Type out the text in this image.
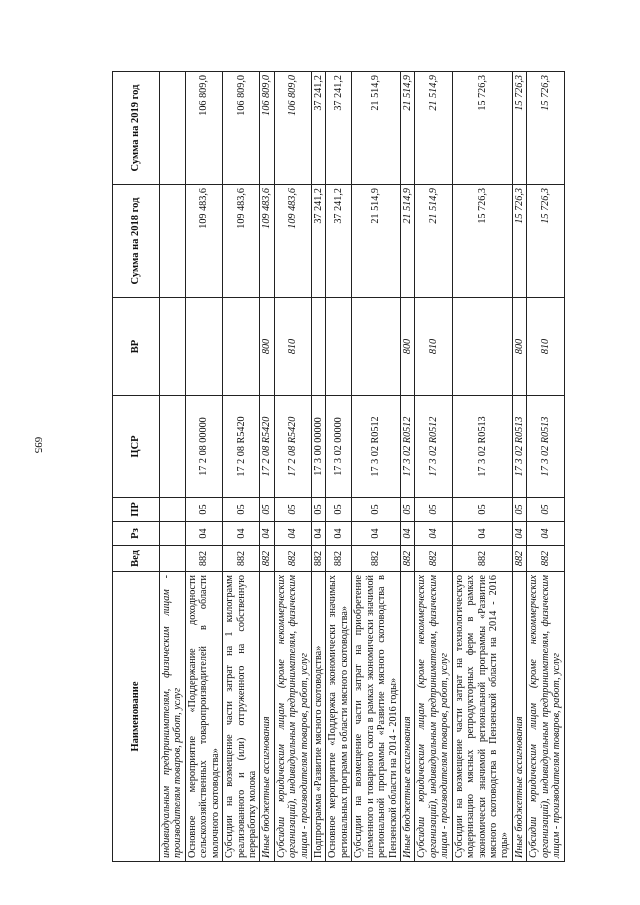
695
Наименование	Вед	Рз	ПР	ЦСР	ВР	Сумма на 2018 год	Сумма на 2019 год
индивидуальным предпринимателям, физическим лицам - производителям товаров, работ, услуг							
Основное мероприятие «Поддержание доходности сельскохозяйственных товаропроизводителей в области молочного скотоводства»	882	04	05	17 2 08 00000		109 483,6	106 809,0
Субсидии на возмещение части затрат на 1 килограмм реализованного и (или) отгруженного на собственную переработку молока	882	04	05	17 2 08 R5420		109 483,6	106 809,0
Иные бюджетные ассигнования	882	04	05	17 2 08 R5420	800	109 483,6	106 809,0
Субсидии юридическим лицам (кроме некоммерческих организаций), индивидуальным предпринимателям, физическим лицам - производителям товаров, работ, услуг	882	04	05	17 2 08 R5420	810	109 483,6	106 809,0
Подпрограмма «Развитие мясного скотоводства»	882	04	05	17 3 00 00000		37 241,2	37 241,2
Основное мероприятие «Поддержка экономически значимых региональных программ в области мясного скотоводства»	882	04	05	17 3 02 00000		37 241,2	37 241,2
Субсидии на возмещение части затрат на приобретение племенного и товарного скота в рамках экономически значимой региональной программы «Развитие мясного скотоводства в Пензенской области на 2014 - 2016 годы»	882	04	05	17 3 02 R0512		21 514,9	21 514,9
Иные бюджетные ассигнования	882	04	05	17 3 02 R0512	800	21 514,9	21 514,9
Субсидии юридическим лицам (кроме некоммерческих организаций), индивидуальным предпринимателям, физическим лицам - производителям товаров, работ, услуг	882	04	05	17 3 02 R0512	810	21 514,9	21 514,9
Субсидии на возмещение части затрат на технологическую модернизацию мясных репродукторных ферм в рамках экономически значимой региональной программы «Развитие мясного скотоводства в Пензенской области на 2014 - 2016 годы»	882	04	05	17 3 02 R0513		15 726,3	15 726,3
Иные бюджетные ассигнования	882	04	05	17 3 02 R0513	800	15 726,3	15 726,3
Субсидии юридическим лицам (кроме некоммерческих организаций), индивидуальным предпринимателям, физическим лицам - производителям товаров, работ, услуг	882	04	05	17 3 02 R0513	810	15 726,3	15 726,3
